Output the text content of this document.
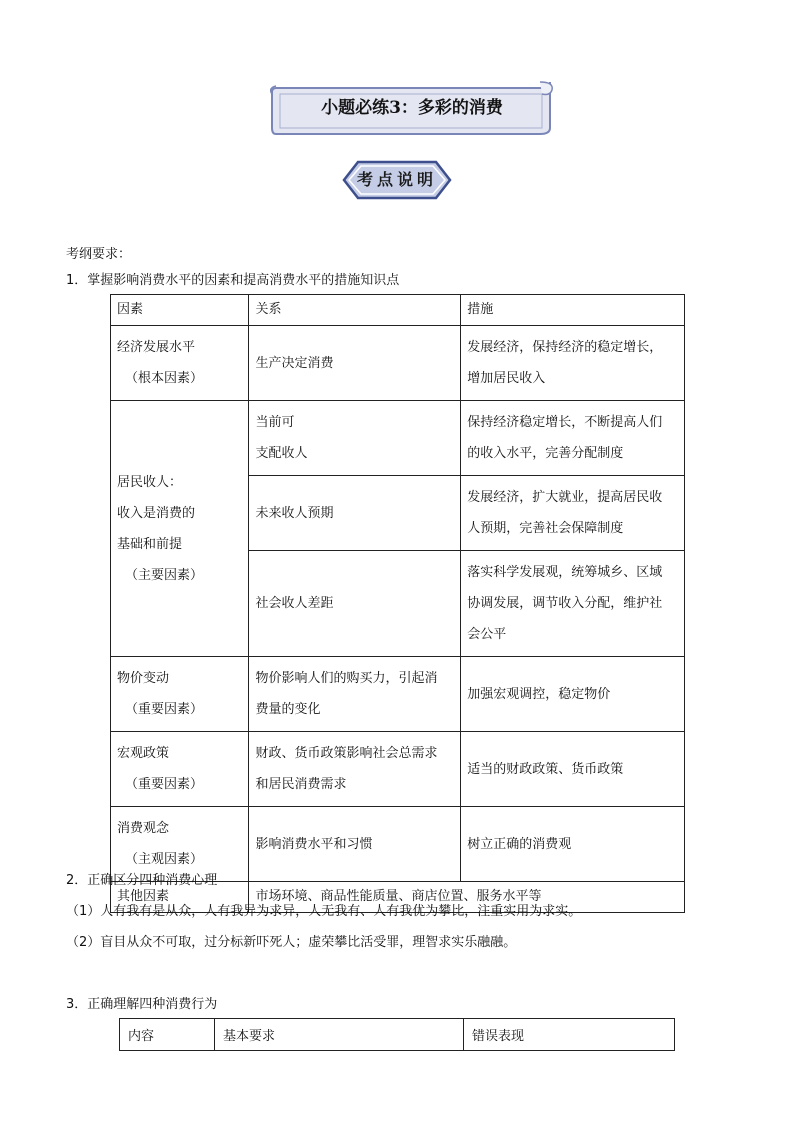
小题必练3：多彩的消费
考点说明
考纲要求：
1．掌握影响消费水平的因素和提高消费水平的措施知识点
因素	关系	措施

经济发展水平
（根本因素）	生产决定消费	发展经济，保持经济的稳定增长，
增加居民收入

居民收人：
收入是消费的
基础和前提
（主要因素）	当前可
支配收人	保持经济稳定增长，不断提高人们
的收入水平，完善分配制度

	未来收人预期	发展经济，扩大就业，提高居民收
人预期，完善社会保障制度

	社会收人差距	落实科学发展观，统筹城乡、区域
协调发展，调节收入分配，维护社
会公平

物价变动
（重要因素）	物价影响人们的购买力，引起消
费量的变化	加强宏观调控，稳定物价

宏观政策
（重要因素）	财政、货币政策影响社会总需求
和居民消费需求	适当的财政政策、货币政策

消费观念
（主观因素）	影响消费水平和习惯	树立正确的消费观
其他因素	市场环境、商品性能质量、商店位置、服务水平等	
2．正确区分四种消费心理
（1）人有我有是从众，人有我异为求异，人无我有、人有我优为攀比，注重实用为求实。
（2）盲目从众不可取，过分标新吓死人；虚荣攀比活受罪，理智求实乐融融。
3．正确理解四种消费行为
内容	基本要求	错误表现
